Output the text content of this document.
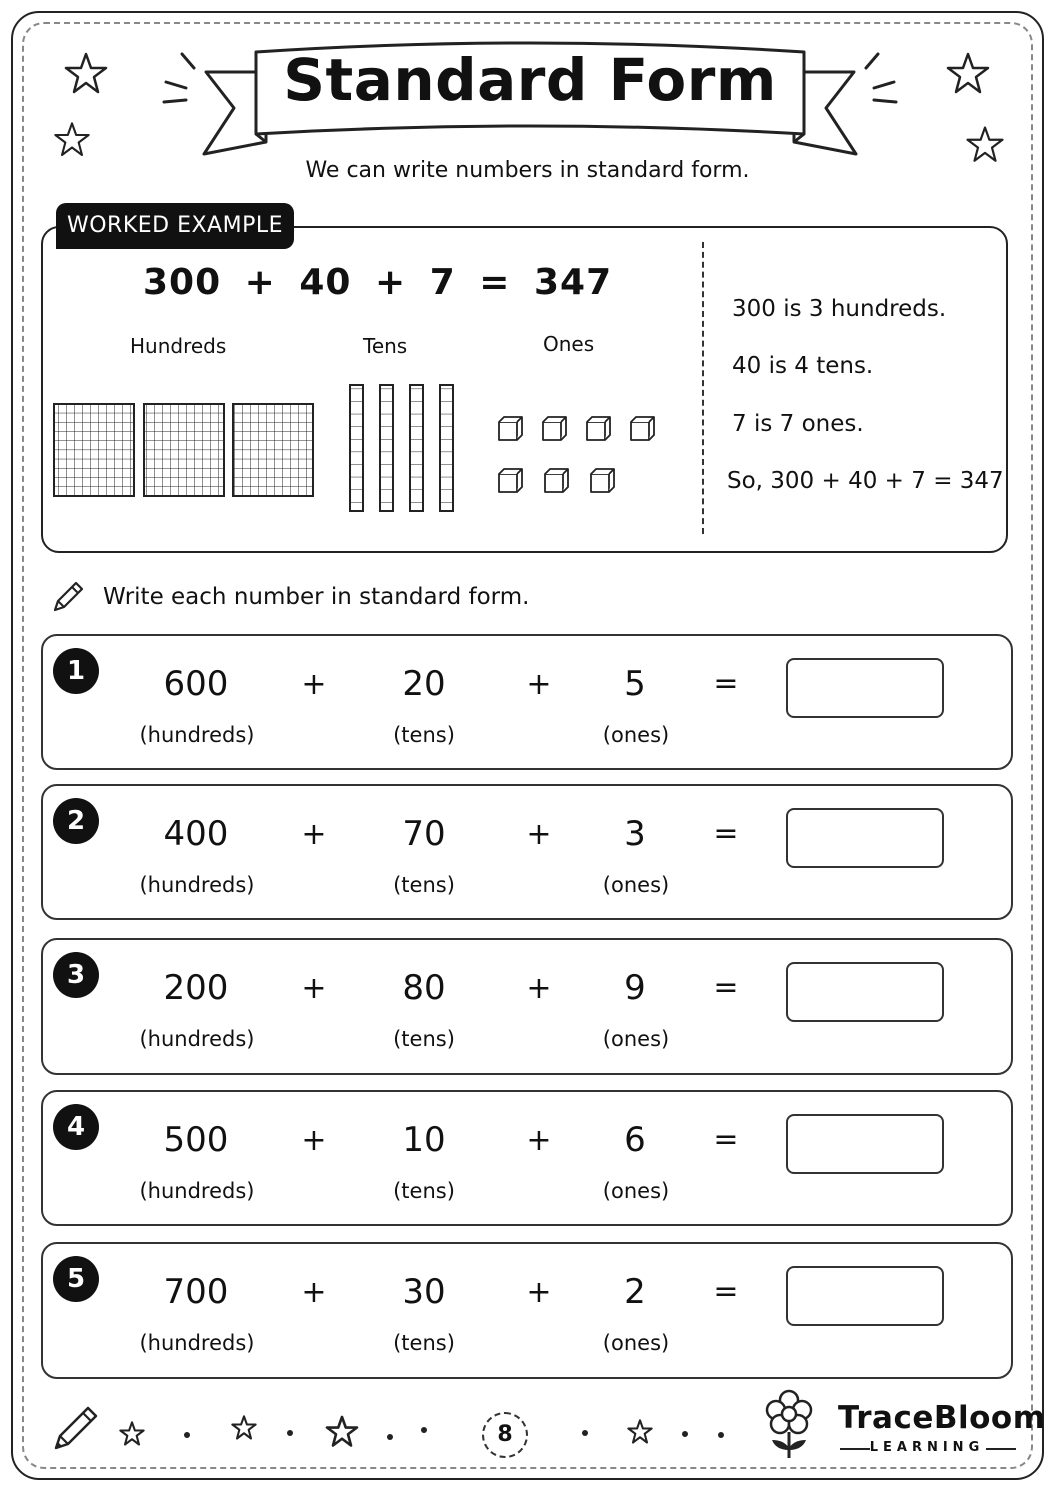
Standard Form
We can write numbers in standard form.
WORKED EXAMPLE
300 + 40 + 7 = 347
Hundreds	Tens	Ones
300 is 3 hundreds.
40 is 4 tens.
7 is 7 ones.
So, 300 + 40 + 7 = 347
Write each number in standard form.
1	600	+	20	+	5	=
(hundreds)	(tens)	(ones)
2	400	+	70	+	3	=
(hundreds)	(tens)	(ones)
3	200	+	80	+	9	=
(hundreds)	(tens)	(ones)
4	500	+	10	+	6	=
(hundreds)	(tens)	(ones)
5	700	+	30	+	2	=
(hundreds)	(tens)	(ones)
8	TraceBloom
LEARNING
